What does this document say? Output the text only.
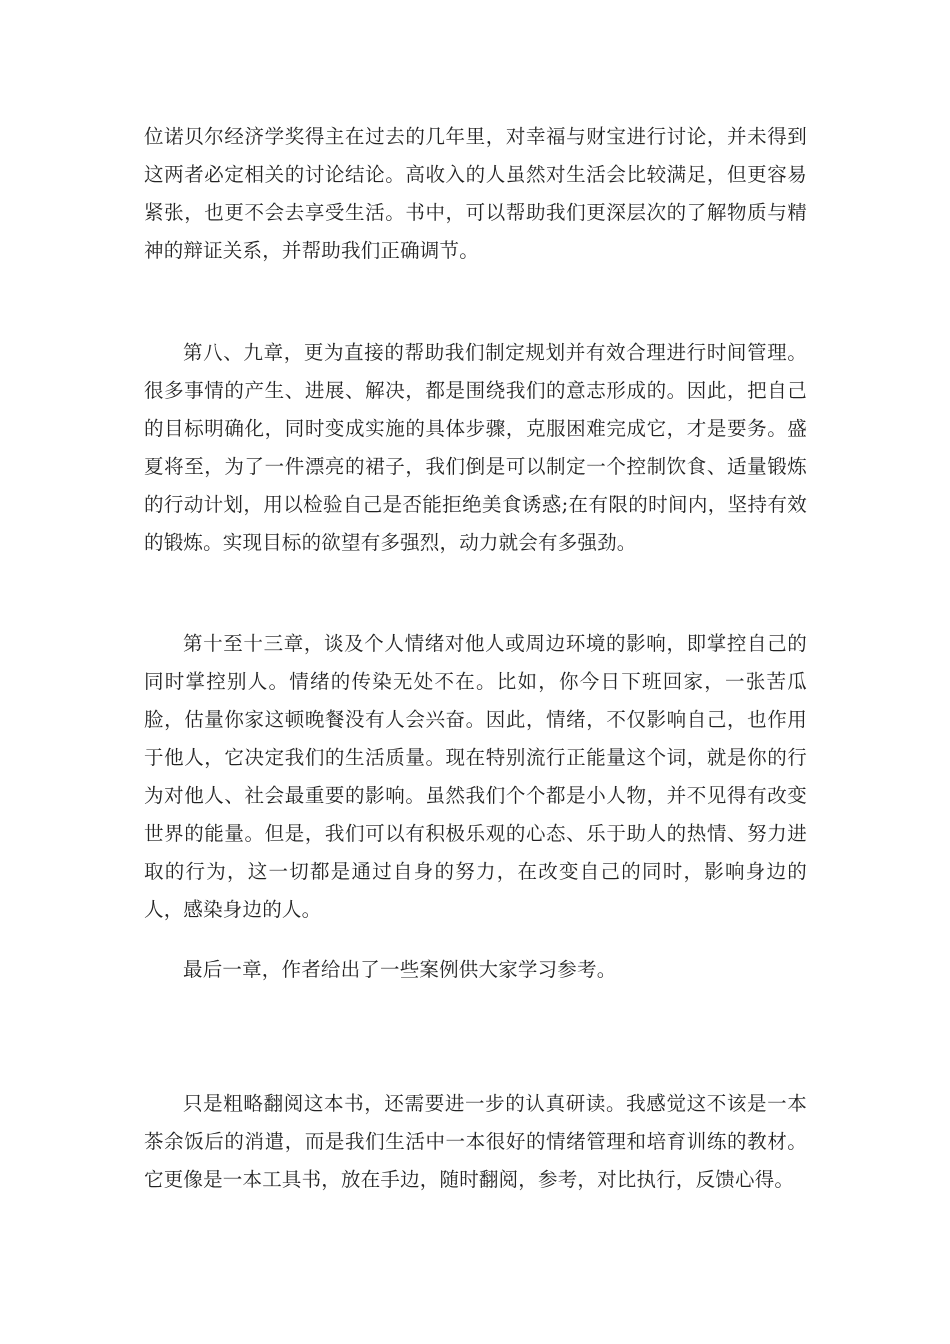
位诺贝尔经济学奖得主在过去的几年里，对幸福与财宝进行讨论，并未得到这两者必定相关的讨论结论。高收入的人虽然对生活会比较满足，但更容易紧张，也更不会去享受生活。书中，可以帮助我们更深层次的了解物质与精神的辩证关系，并帮助我们正确调节。

第八、九章，更为直接的帮助我们制定规划并有效合理进行时间管理。很多事情的产生、进展、解决，都是围绕我们的意志形成的。因此，把自己的目标明确化，同时变成实施的具体步骤，克服困难完成它，才是要务。盛夏将至，为了一件漂亮的裙子，我们倒是可以制定一个控制饮食、适量锻炼的行动计划，用以检验自己是否能拒绝美食诱惑;在有限的时间内，坚持有效的锻炼。实现目标的欲望有多强烈，动力就会有多强劲。

第十至十三章，谈及个人情绪对他人或周边环境的影响，即掌控自己的同时掌控别人。情绪的传染无处不在。比如，你今日下班回家，一张苦瓜脸，估量你家这顿晚餐没有人会兴奋。因此，情绪，不仅影响自己，也作用于他人，它决定我们的生活质量。现在特别流行正能量这个词，就是你的行为对他人、社会最重要的影响。虽然我们个个都是小人物，并不见得有改变世界的能量。但是，我们可以有积极乐观的心态、乐于助人的热情、努力进取的行为，这一切都是通过自身的努力，在改变自己的同时，影响身边的人，感染身边的人。

最后一章，作者给出了一些案例供大家学习参考。

只是粗略翻阅这本书，还需要进一步的认真研读。我感觉这不该是一本茶余饭后的消遣，而是我们生活中一本很好的情绪管理和培育训练的教材。它更像是一本工具书，放在手边，随时翻阅，参考，对比执行，反馈心得。
